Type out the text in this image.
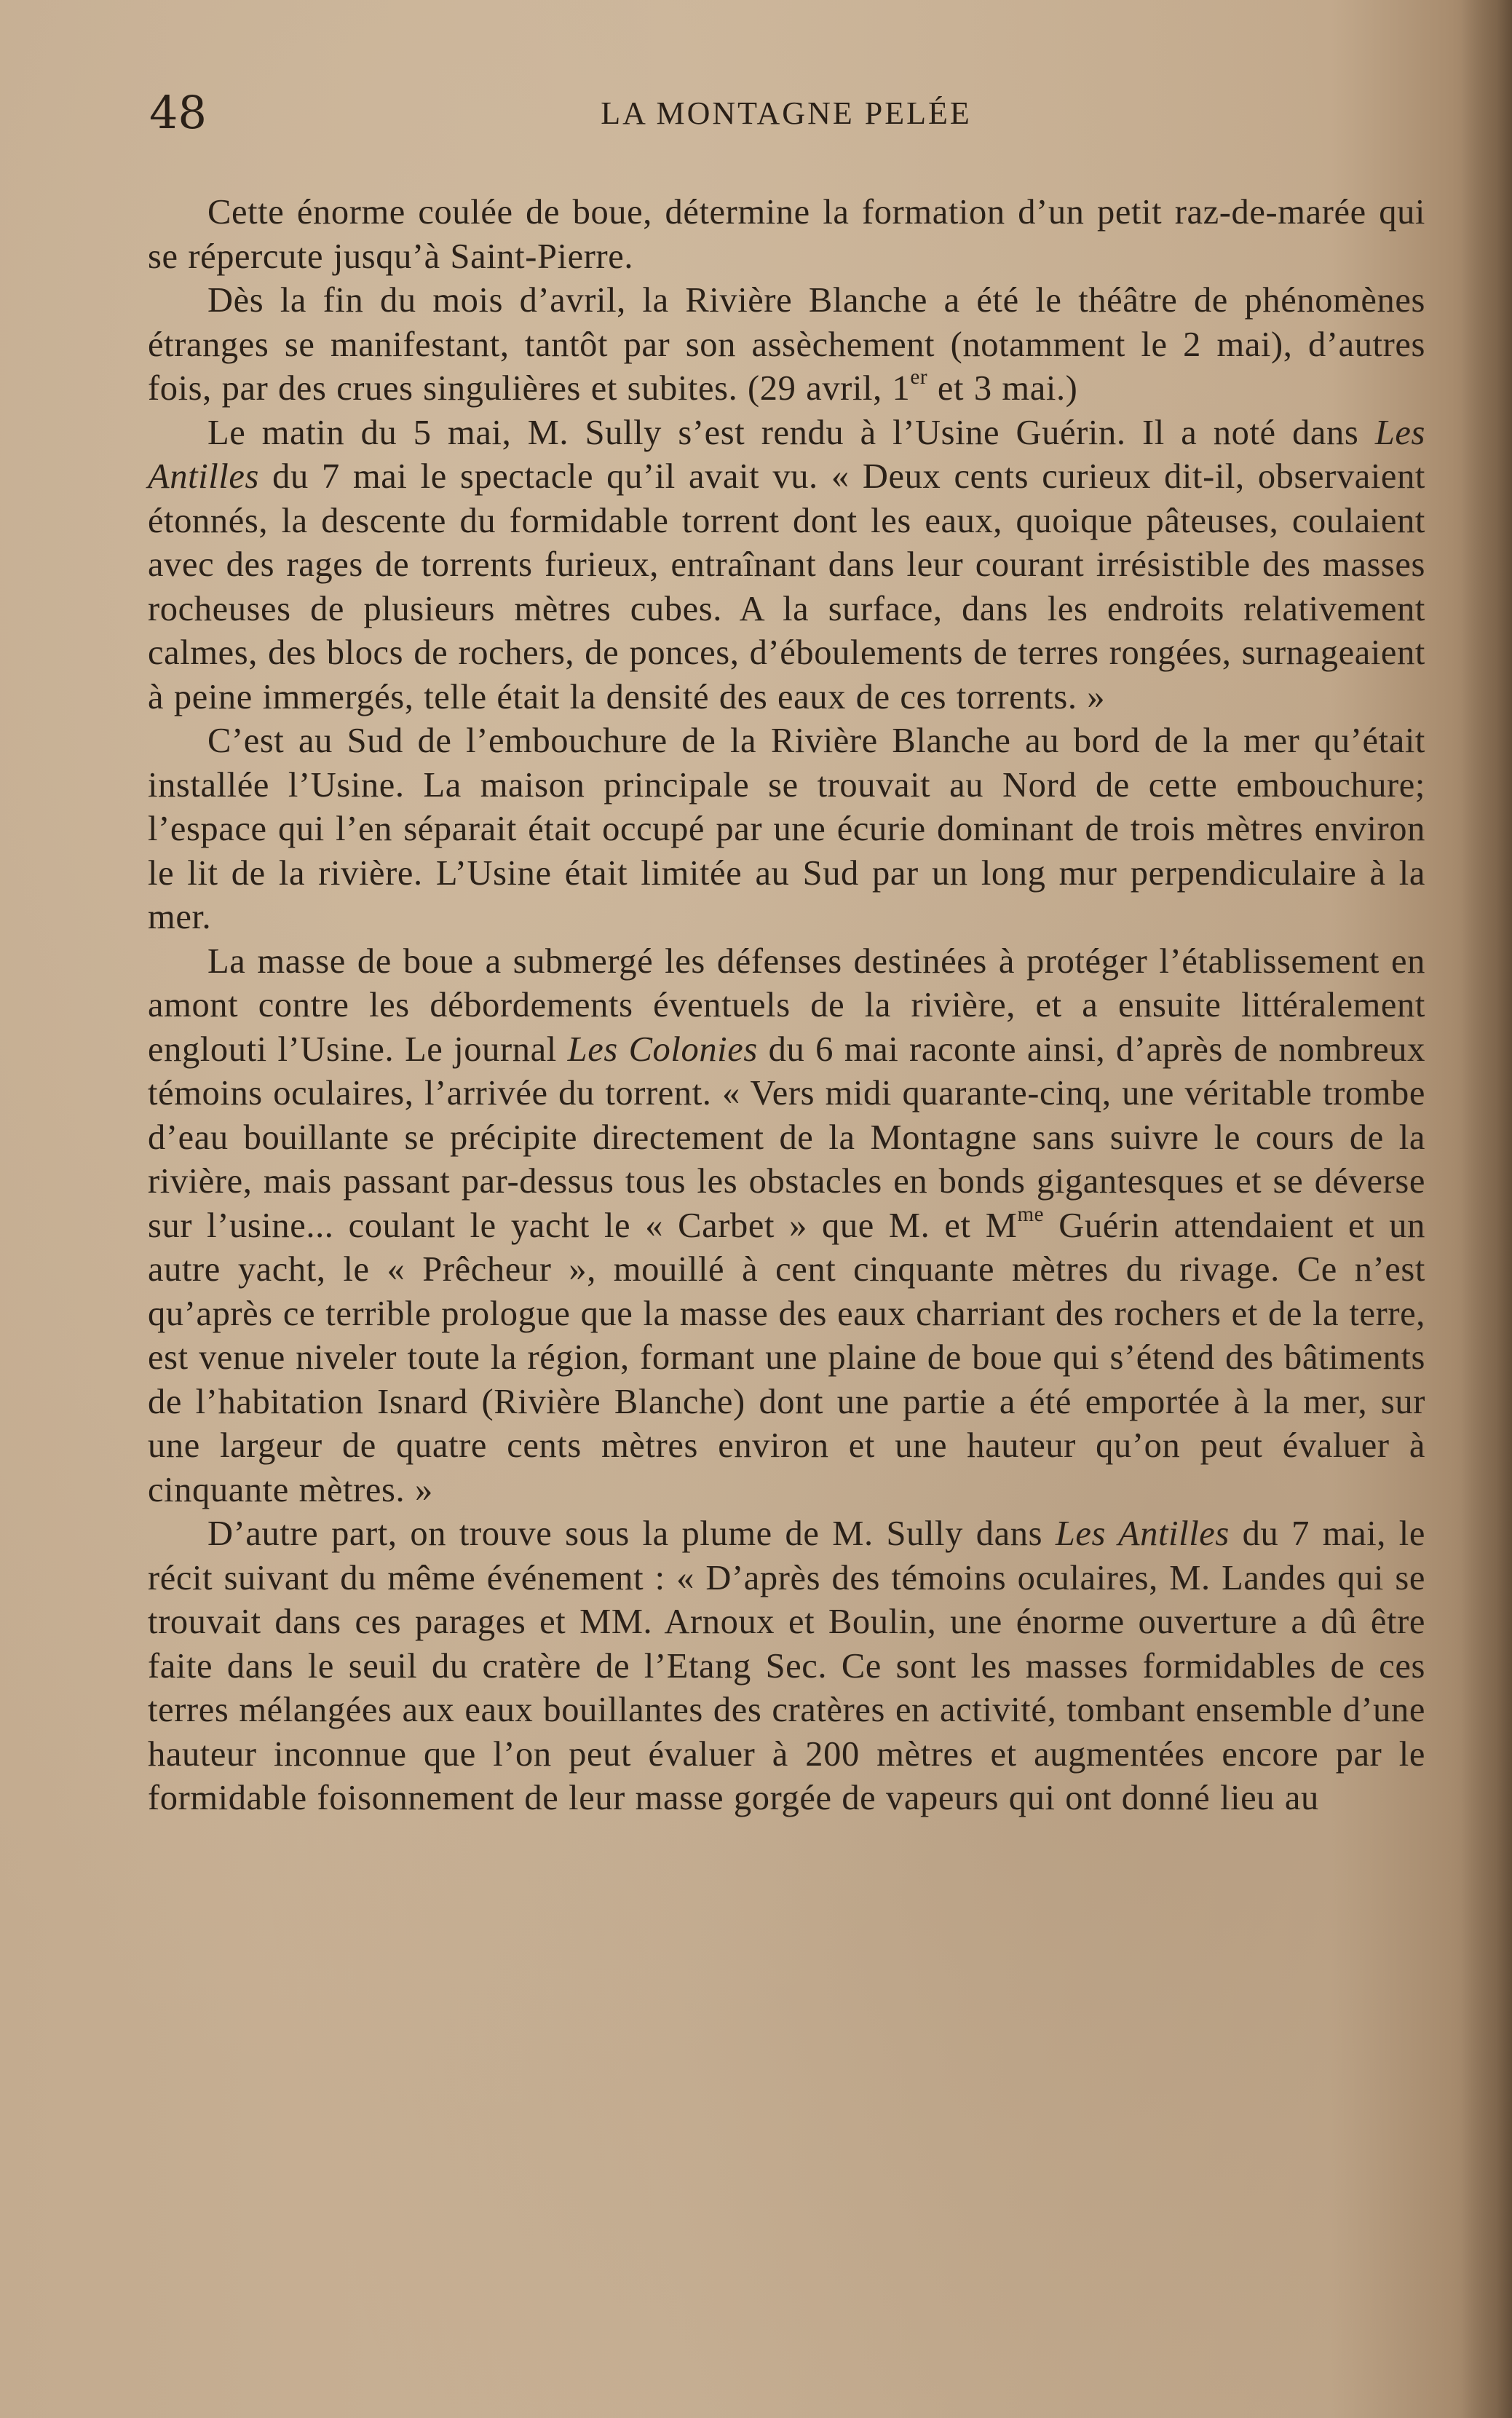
48	LA MONTAGNE PELÉE

Cette énorme coulée de boue, détermine la formation d’un petit raz-de-marée qui se répercute jusqu’à Saint-Pierre.

Dès la fin du mois d’avril, la Rivière Blanche a été le théâtre de phénomènes étranges se manifestant, tantôt par son assèchement (notamment le 2 mai), d’autres fois, par des crues singulières et subites. (29 avril, 1er et 3 mai.)

Le matin du 5 mai, M. Sully s’est rendu à l’Usine Guérin. Il a noté dans Les Antilles du 7 mai le spectacle qu’il avait vu. « Deux cents curieux dit-il, observaient étonnés, la descente du formidable torrent dont les eaux, quoique pâteuses, coulaient avec des rages de torrents furieux, entraînant dans leur courant irrésistible des masses rocheuses de plusieurs mètres cubes. A la surface, dans les endroits relativement calmes, des blocs de rochers, de ponces, d’éboulements de terres rongées, surnageaient à peine immergés, telle était la densité des eaux de ces torrents. »

C’est au Sud de l’embouchure de la Rivière Blanche au bord de la mer qu’était installée l’Usine. La maison principale se trouvait au Nord de cette embouchure; l’espace qui l’en séparait était occupé par une écurie dominant de trois mètres environ le lit de la rivière. L’Usine était limitée au Sud par un long mur perpendiculaire à la mer.

La masse de boue a submergé les défenses destinées à protéger l’établissement en amont contre les débordements éventuels de la rivière, et a ensuite littéralement englouti l’Usine. Le journal Les Colonies du 6 mai raconte ainsi, d’après de nombreux témoins oculaires, l’arrivée du torrent. « Vers midi quarante-cinq, une véritable trombe d’eau bouillante se précipite directement de la Montagne sans suivre le cours de la rivière, mais passant par-dessus tous les obstacles en bonds gigantesques et se déverse sur l’usine... coulant le yacht le « Carbet » que M. et $M^{me}$ Guérin attendaient et un autre yacht, le « Prêcheur », mouillé à cent cinquante mètres du rivage. Ce n’est qu’après ce terrible prologue que la masse des eaux charriant des rochers et de la terre, est venue niveler toute la région, formant une plaine de boue qui s’étend des bâtiments de l’habitation Isnard (Rivière Blanche) dont une partie a été emportée à la mer, sur une largeur de quatre cents mètres environ et une hauteur qu’on peut évaluer à cinquante mètres. »

D’autre part, on trouve sous la plume de M. Sully dans Les Antilles du 7 mai, le récit suivant du même événement : « D’après des témoins oculaires, M. Landes qui se trouvait dans ces parages et MM. Arnoux et Boulin, une énorme ouverture a dû être faite dans le seuil du cratère de l’Etang Sec. Ce sont les masses formidables de ces terres mélangées aux eaux bouillantes des cratères en activité, tombant ensemble d’une hauteur inconnue que l’on peut évaluer à 200 mètres et augmentées encore par le formidable foisonnement de leur masse gorgée de vapeurs qui ont donné lieu au
